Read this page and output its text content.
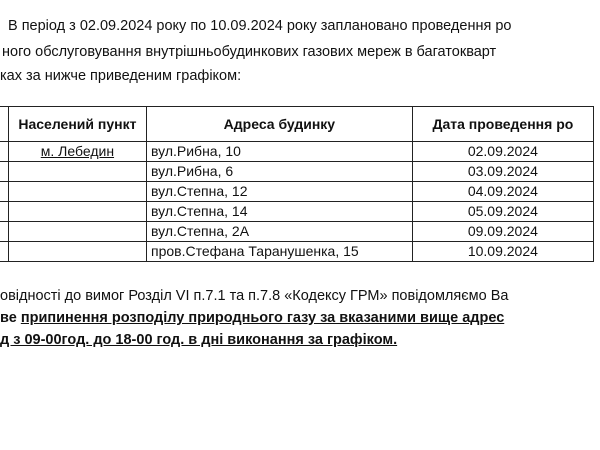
В період з 02.09.2024 року по 10.09.2024 року заплановано проведення ро
ного обслуговування внутрішньобудинкових газових мереж в багатокварт
ках за нижче приведеним графіком:
	Населений пункт	Адреса будинку	Дата проведення ро
	м. Лебедин	вул.Рибна, 10	02.09.2024
		вул.Рибна, 6	03.09.2024
		вул.Степна, 12	04.09.2024
		вул.Степна, 14	05.09.2024
		вул.Степна, 2А	09.09.2024
		пров.Стефана Таранушенка, 15	10.09.2024
овідності до вимог Розділ VI п.7.1 та п.7.8 «Кодексу ГРМ» повідомляємо Ва
ве припинення розподілу природнього газу за вказаними вище адрес
д з 09-00год. до 18-00 год. в дні виконання за графіком.
